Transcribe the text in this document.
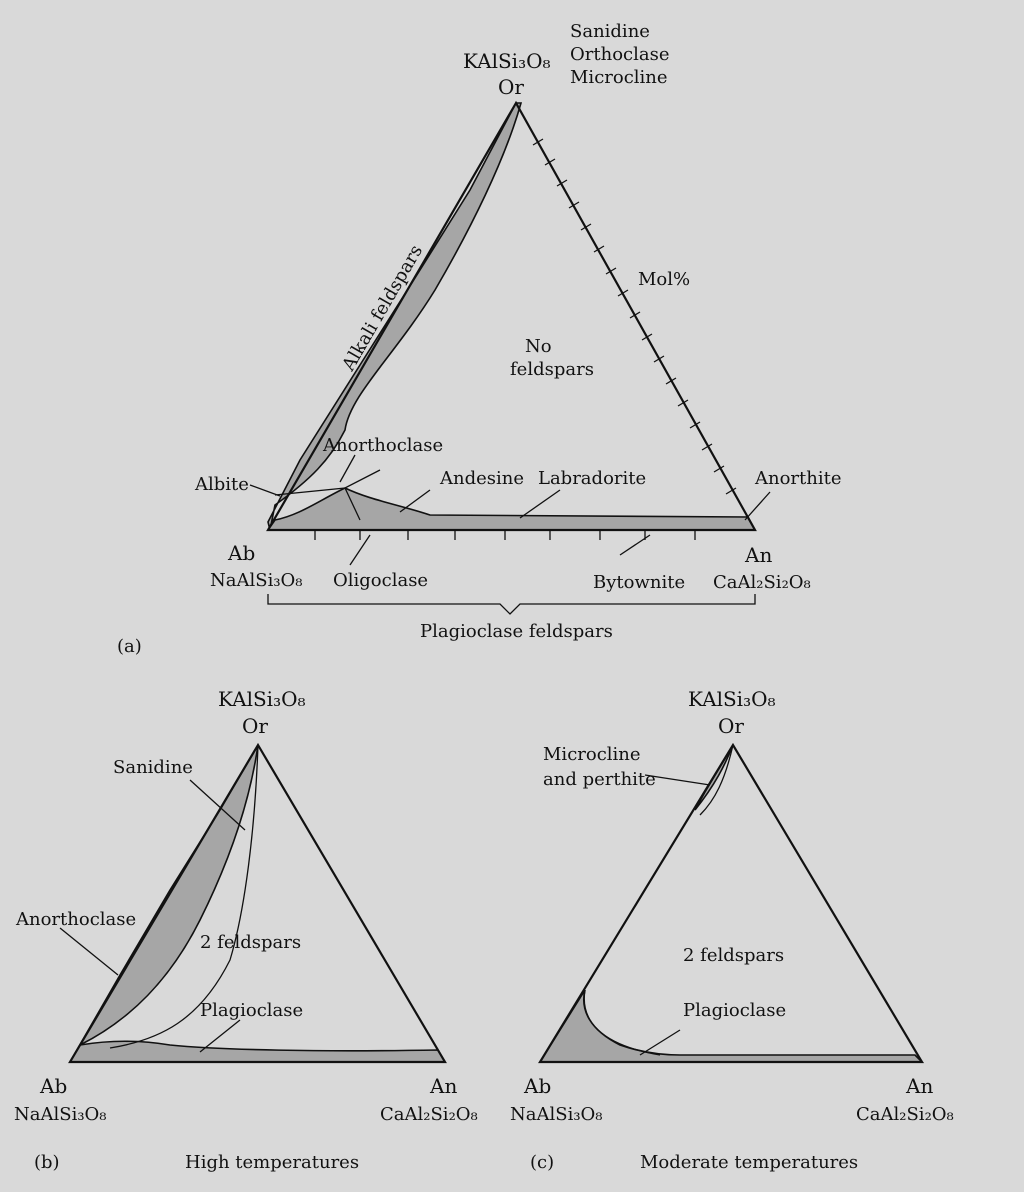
KAlSi₃O₈
Or
Sanidine
Orthoclase
Microcline
Mol%
Alkali feldspars	No
feldspars
Anorthoclase
Albite	Andesine Labradorite	Anorthite
Ab
NaAlSi₃O₈ Oligoclase	Bytownite
An
CaAl₂Si₂O₈
Plagioclase feldspars
(a)
KAlSi₃O₈
Or
Sanidine
Anorthoclase
2 feldspars
Plagioclase
Ab
NaAlSi₃O₈
An
CaAl₂Si₂O₈
(b)	High temperatures
KAlSi₃O₈
Or
Microcline
and perthite
2 feldspars
Plagioclase
Ab
NaAlSi₃O₈
An
CaAl₂Si₂O₈
(c)	Moderate temperatures
